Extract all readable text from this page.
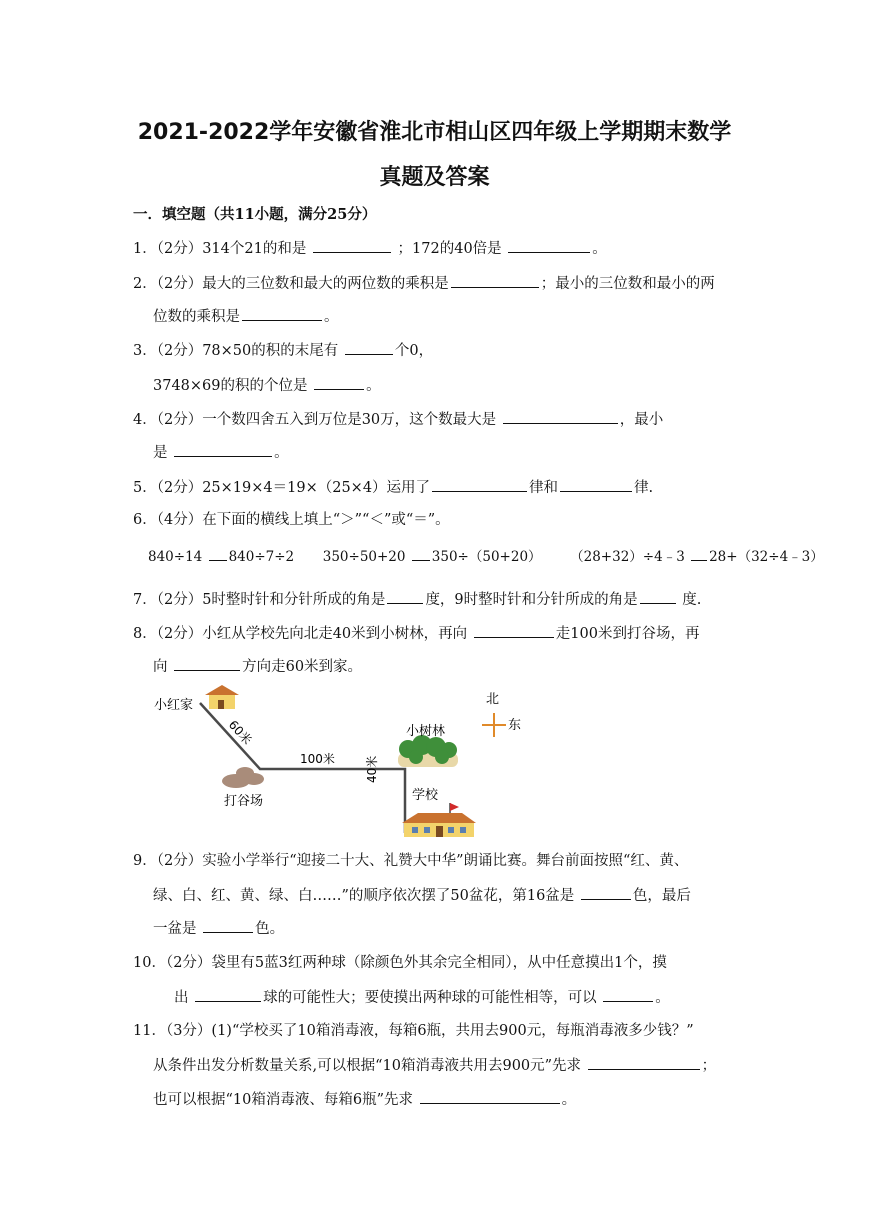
2021-2022学年安徽省淮北市相山区四年级上学期期末数学
真题及答案
一．填空题（共11小题，满分25分）
1．（2分）314个21的和是	；172的40倍是	。
2．（2分）最大的三位数和最大的两位数的乘积是	；最小的三位数和最小的两
位数的乘积是	。
3．（2分）78×50的积的末尾有	个0，
3748×69的积的个位是	。
4．（2分）一个数四舍五入到万位是30万，这个数最大是	，最小
是	。
5．（2分）25×19×4＝19×（25×4）运用了	律和	律.
6．（4分）在下面的横线上填上“＞”“＜”或“＝”。
840÷14 840÷7÷2 350÷50+20 350÷（50+20） （28+32）÷4﹣3 28+（32÷4﹣3）
7．（2分）5时整时针和分针所成的角是	度，9时整时针和分针所成的角是	度.
8．（2分）小红从学校先向北走40米到小树林，再向	走100米到打谷场，再
向	方向走60米到家。
小红家
60米
打谷场
100米
小树林
40米
学校
北
东
9．（2分）实验小学举行“迎接二十大、礼赞大中华”朗诵比赛。舞台前面按照“红、黄、
绿、白、红、黄、绿、白……”的顺序依次摆了50盆花，第16盆是	色，最后
一盆是	色。
10．（2分）袋里有5蓝3红两种球（除颜色外其余完全相同），从中任意摸出1个，摸
出	球的可能性大；要使摸出两种球的可能性相等，可以	。
11．（3分）(1)“学校买了10箱消毒液，每箱6瓶，共用去900元，每瓶消毒液多少钱？”
从条件出发分析数量关系,可以根据“10箱消毒液共用去900元”先求	；
也可以根据“10箱消毒液、每箱6瓶”先求	。
